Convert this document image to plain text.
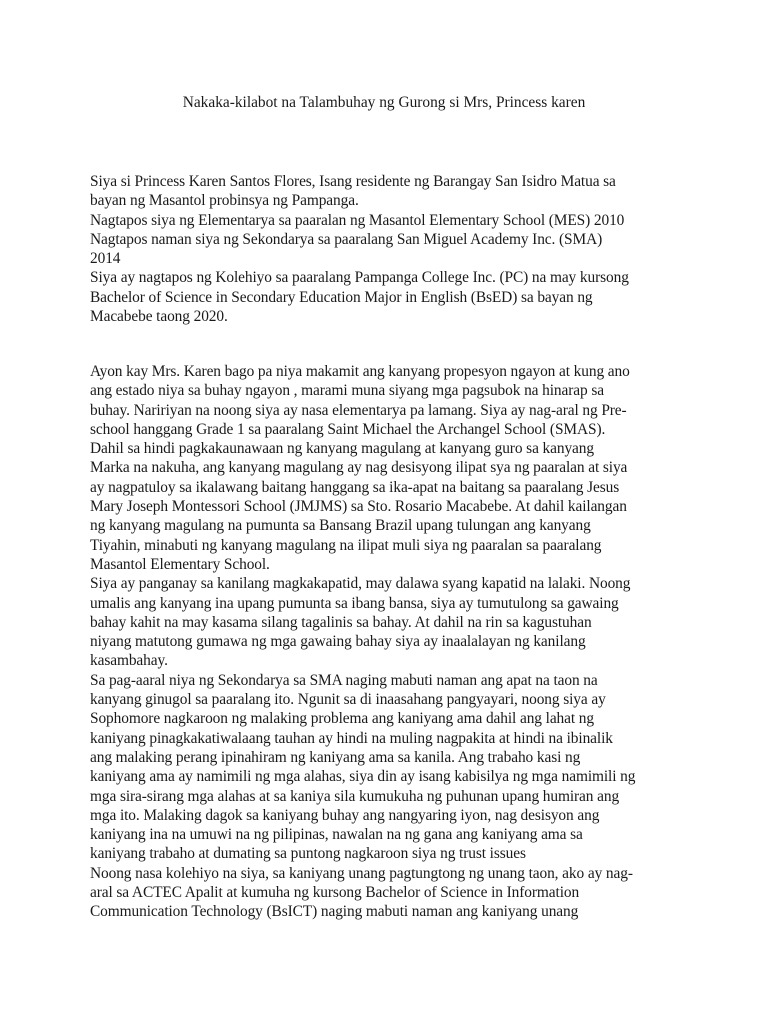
Nakaka-kilabot na Talambuhay ng Gurong si Mrs, Princess karen
Siya si Princess Karen Santos Flores, Isang residente ng Barangay San Isidro Matua sa
bayan ng Masantol probinsya ng Pampanga.
Nagtapos siya ng Elementarya sa paaralan ng Masantol Elementary School (MES) 2010
Nagtapos naman siya ng Sekondarya sa paaralang San Miguel Academy Inc. (SMA)
2014
Siya ay nagtapos ng Kolehiyo sa paaralang Pampanga College Inc. (PC) na may kursong
Bachelor of Science in Secondary Education Major in English (BsED) sa bayan ng
Macabebe taong 2020.
Ayon kay Mrs. Karen bago pa niya makamit ang kanyang propesyon ngayon at kung ano
ang estado niya sa buhay ngayon , marami muna siyang mga pagsubok na hinarap sa
buhay. Naririyan na noong siya ay nasa elementarya pa lamang. Siya ay nag-aral ng Pre-
school hanggang Grade 1 sa paaralang Saint Michael the Archangel School (SMAS).
Dahil sa hindi pagkakaunawaan ng kanyang magulang at kanyang guro sa kanyang
Marka na nakuha, ang kanyang magulang ay nag desisyong ilipat sya ng paaralan at siya
ay nagpatuloy sa ikalawang baitang hanggang sa ika-apat na baitang sa paaralang Jesus
Mary Joseph Montessori School (JMJMS) sa Sto. Rosario Macabebe. At dahil kailangan
ng kanyang magulang na pumunta sa Bansang Brazil upang tulungan ang kanyang
Tiyahin, minabuti ng kanyang magulang na ilipat muli siya ng paaralan sa paaralang
Masantol Elementary School.
Siya ay panganay sa kanilang magkakapatid, may dalawa syang kapatid na lalaki. Noong
umalis ang kanyang ina upang pumunta sa ibang bansa, siya ay tumutulong sa gawaing
bahay kahit na may kasama silang tagalinis sa bahay. At dahil na rin sa kagustuhan
niyang matutong gumawa ng mga gawaing bahay siya ay inaalalayan ng kanilang
kasambahay.
Sa pag-aaral niya ng Sekondarya sa SMA naging mabuti naman ang apat na taon na
kanyang ginugol sa paaralang ito. Ngunit sa di inaasahang pangyayari, noong siya ay
Sophomore nagkaroon ng malaking problema ang kaniyang ama dahil ang lahat ng
kaniyang pinagkakatiwalaang tauhan ay hindi na muling nagpakita at hindi na ibinalik
ang malaking perang ipinahiram ng kaniyang ama sa kanila. Ang trabaho kasi ng
kaniyang ama ay namimili ng mga alahas, siya din ay isang kabisilya ng mga namimili ng
mga sira-sirang mga alahas at sa kaniya sila kumukuha ng puhunan upang humiran ang
mga ito. Malaking dagok sa kaniyang buhay ang nangyaring iyon, nag desisyon ang
kaniyang ina na umuwi na ng pilipinas, nawalan na ng gana ang kaniyang ama sa
kaniyang trabaho at dumating sa puntong nagkaroon siya ng trust issues
Noong nasa kolehiyo na siya, sa kaniyang unang pagtungtong ng unang taon, ako ay nag-
aral sa ACTEC Apalit at kumuha ng kursong Bachelor of Science in Information
Communication Technology (BsICT) naging mabuti naman ang kaniyang unang
